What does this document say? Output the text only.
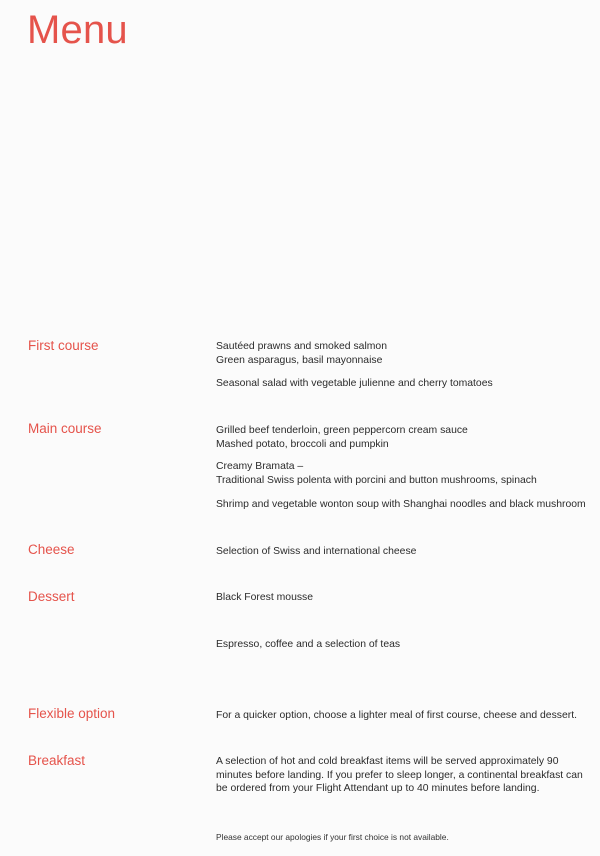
Menu
First course	Sautéed prawns and smoked salmon
Green asparagus, basil mayonnaise
Seasonal salad with vegetable julienne and cherry tomatoes
Main course	Grilled beef tenderloin, green peppercorn cream sauce
Mashed potato, broccoli and pumpkin
Creamy Bramata –
Traditional Swiss polenta with porcini and button mushrooms, spinach
Shrimp and vegetable wonton soup with Shanghai noodles and black mushroom
Cheese	Selection of Swiss and international cheese
Dessert	Black Forest mousse
Espresso, coffee and a selection of teas
Flexible option	For a quicker option, choose a lighter meal of first course, cheese and dessert.
Breakfast	A selection of hot and cold breakfast items will be served approximately 90
minutes before landing. If you prefer to sleep longer, a continental breakfast can
be ordered from your Flight Attendant up to 40 minutes before landing.
Please accept our apologies if your first choice is not available.
